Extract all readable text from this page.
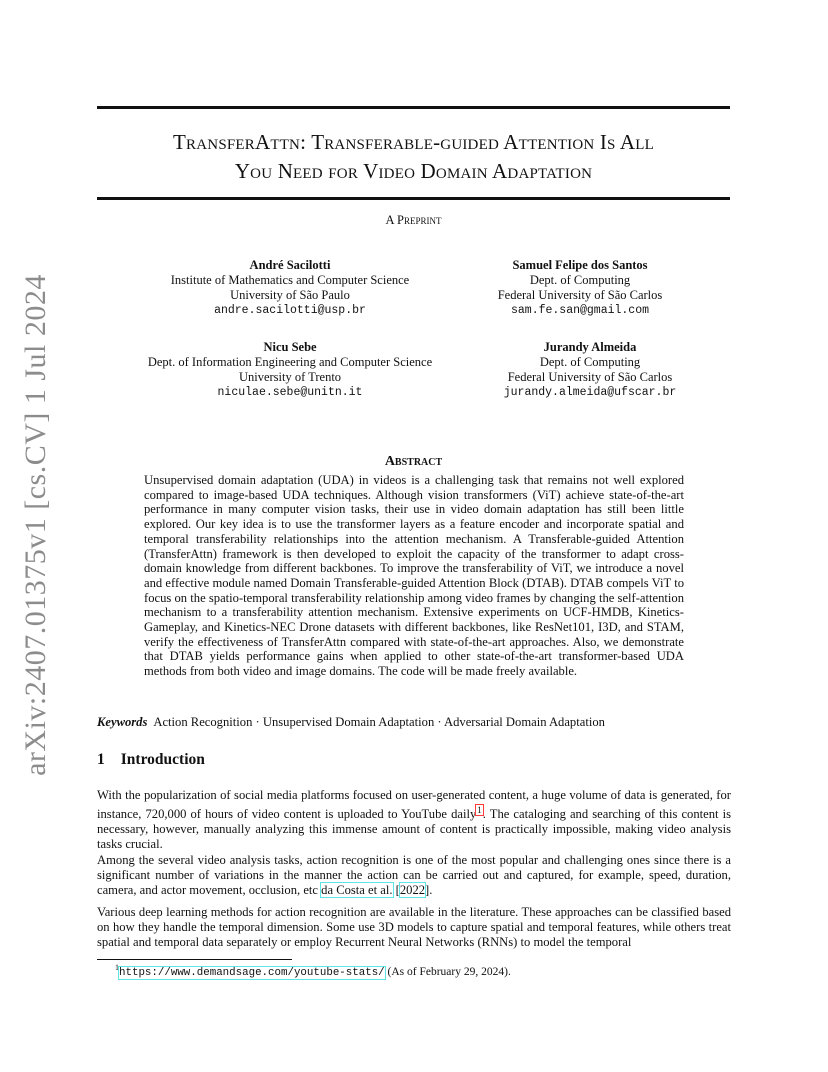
arXiv:2407.01375v1 [cs.CV] 1 Jul 2024
TransferAttn: Transferable-guided Attention Is All
You Need for Video Domain Adaptation
A Preprint
André Sacilotti
Institute of Mathematics and Computer Science
University of São Paulo
andre.sacilotti@usp.br
Samuel Felipe dos Santos
Dept. of Computing
Federal University of São Carlos
sam.fe.san@gmail.com
Nicu Sebe
Dept. of Information Engineering and Computer Science
University of Trento
niculae.sebe@unitn.it
Jurandy Almeida
Dept. of Computing
Federal University of São Carlos
jurandy.almeida@ufscar.br
Abstract

Unsupervised domain adaptation (UDA) in videos is a challenging task that remains not well explored compared to image-based UDA techniques. Although vision transformers (ViT) achieve state-of-the-art performance in many computer vision tasks, their use in video domain adaptation has still been little explored. Our key idea is to use the transformer layers as a feature encoder and incorporate spatial and temporal transferability relationships into the attention mechanism. A Transferable-guided Attention (TransferAttn) framework is then developed to exploit the capacity of the transformer to adapt cross-domain knowledge from different backbones. To improve the transferability of ViT, we introduce a novel and effective module named Domain Transferable-guided Attention Block (DTAB). DTAB compels ViT to focus on the spatio-temporal transferability relationship among video frames by changing the self-attention mechanism to a transferability attention mechanism. Extensive experiments on UCF-HMDB, Kinetics-Gameplay, and Kinetics-NEC Drone datasets with different backbones, like ResNet101, I3D, and STAM, verify the effectiveness of TransferAttn compared with state-of-the-art approaches. Also, we demonstrate that DTAB yields performance gains when applied to other state-of-the-art transformer-based UDA methods from both video and image domains. The code will be made freely available.

Keywords Action Recognition · Unsupervised Domain Adaptation · Adversarial Domain Adaptation
1 Introduction

With the popularization of social media platforms focused on user-generated content, a huge volume of data is generated, for instance, 720,000 of hours of video content is uploaded to YouTube daily$^1$. The cataloging and searching of this content is necessary, however, manually analyzing this immense amount of content is practically impossible, making video analysis tasks crucial.

Among the several video analysis tasks, action recognition is one of the most popular and challenging ones since there is a significant number of variations in the manner the action can be carried out and captured, for example, speed, duration, camera, and actor movement, occlusion, etc da Costa et al. [2022].

Various deep learning methods for action recognition are available in the literature. These approaches can be classified based on how they handle the temporal dimension. Some use 3D models to capture spatial and temporal features, while others treat spatial and temporal data separately or employ Recurrent Neural Networks (RNNs) to model the temporal

$^1$https://www.demandsage.com/youtube-stats/ (As of February 29, 2024).
